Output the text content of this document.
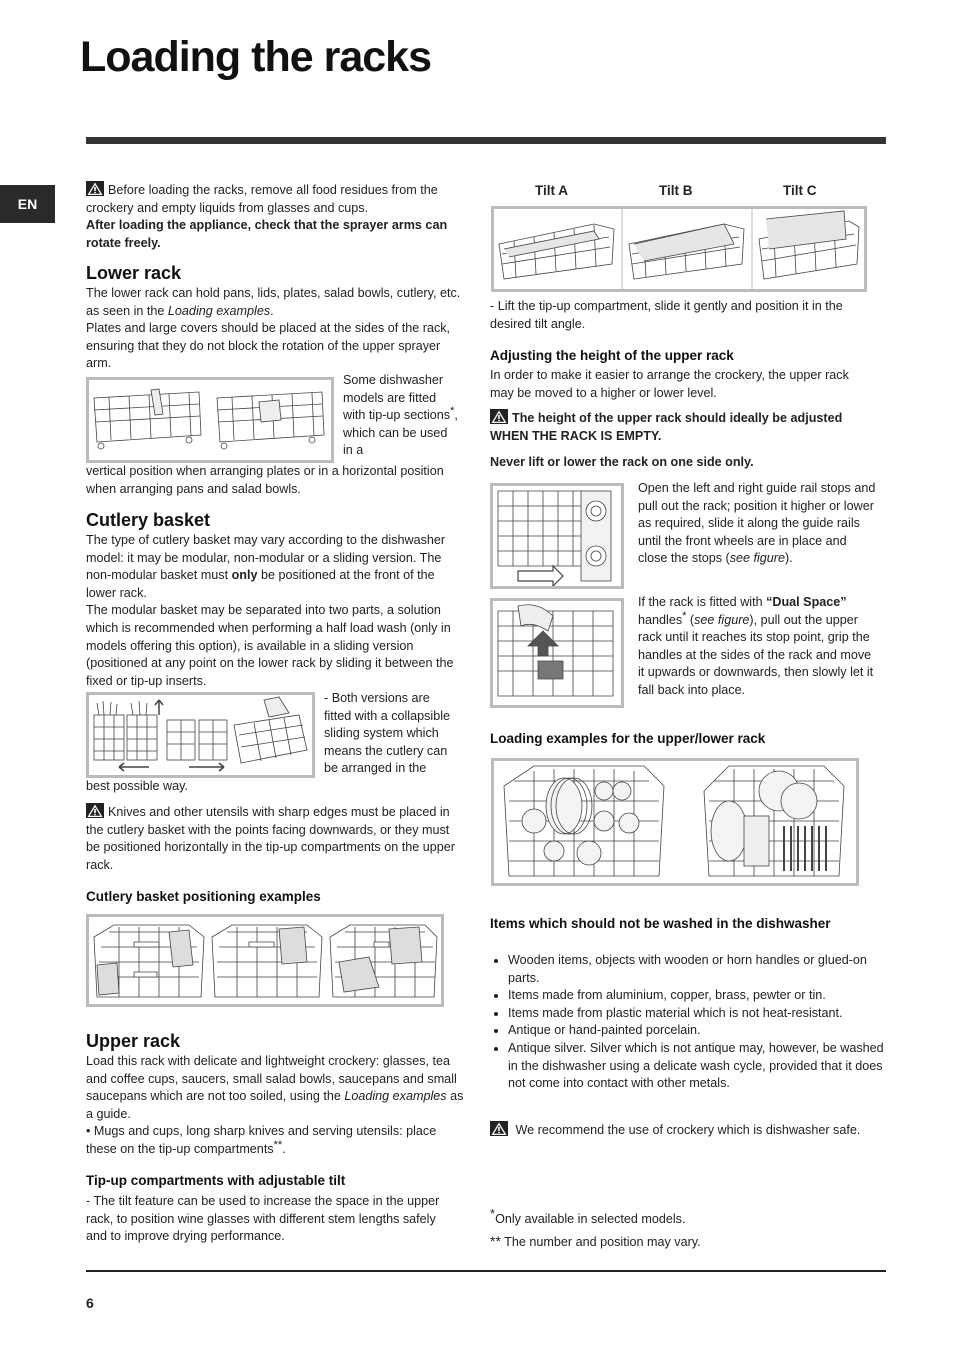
Loading the racks
EN

Before loading the racks, remove all food residues from the crockery and empty liquids from glasses and cups.

After loading the appliance, check that the sprayer arms can rotate freely.

Lower rack

The lower rack can hold pans, lids, plates, salad bowls, cutlery, etc. as seen in the Loading examples.

Plates and large covers should be placed at the sides of the rack, ensuring that they do not block the rotation of the upper sprayer arm.

Some dishwasher models are fitted with tip-up sections*, which can be used in a

vertical position when arranging plates or in a horizontal position when arranging pans and salad bowls.

Cutlery basket

The type of cutlery basket may vary according to the dishwasher model: it may be modular, non-modular or a sliding version. The non-modular basket must only be positioned at the front of the lower rack.

The modular basket may be separated into two parts, a solution which is recommended when performing a half load wash (only in models offering this option), is available in a sliding version (positioned at any point on the lower rack by sliding it between the fixed or tip-up inserts.

- Both versions are fitted with a collapsible sliding system which means the cutlery can be arranged in the

best possible way.

Knives and other utensils with sharp edges must be placed in the cutlery basket with the points facing downwards, or they must be positioned horizontally in the tip-up compartments on the upper rack.

Cutlery basket positioning examples

Upper rack

Load this rack with delicate and lightweight crockery: glasses, tea and coffee cups, saucers, small salad bowls, saucepans and small saucepans which are not too soiled, using the Loading examples as a guide.

• Mugs and cups, long sharp knives and serving utensils: place these on the tip-up compartments**.

Tip-up compartments with adjustable tilt

- The tilt feature can be used to increase the space in the upper rack, to position wine glasses with different stem lengths safely and to improve drying performance.

Tilt A	Tilt B	Tilt C

- Lift the tip-up compartment, slide it gently and position it in the desired tilt angle.

Adjusting the height of the upper rack

In order to make it easier to arrange the crockery, the upper rack may be moved to a higher or lower level.

The height of the upper rack should ideally be adjusted

WHEN THE RACK IS EMPTY.

Never lift or lower the rack on one side only.

Open the left and right guide rail stops and pull out the rack; position it higher or lower as required, slide it along the guide rails until the front wheels are in place and close the stops (see figure).

If the rack is fitted with “Dual Space” handles* (see figure), pull out the upper rack until it reaches its stop point, grip the handles at the sides of the rack and move it upwards or downwards, then slowly let it fall back into place.

Loading examples for the upper/lower rack

Items which should not be washed in the dishwasher

• Wooden items, objects with wooden or horn handles or glued-on parts.
• Items made from aluminium, copper, brass, pewter or tin.
• Items made from plastic material which is not heat-resistant.
• Antique or hand-painted porcelain.
• Antique silver. Silver which is not antique may, however, be washed in the dishwasher using a delicate wash cycle, provided that it does not come into contact with other metals.

We recommend the use of crockery which is dishwasher safe.

*Only available in selected models.
** The number and position may vary.
6
